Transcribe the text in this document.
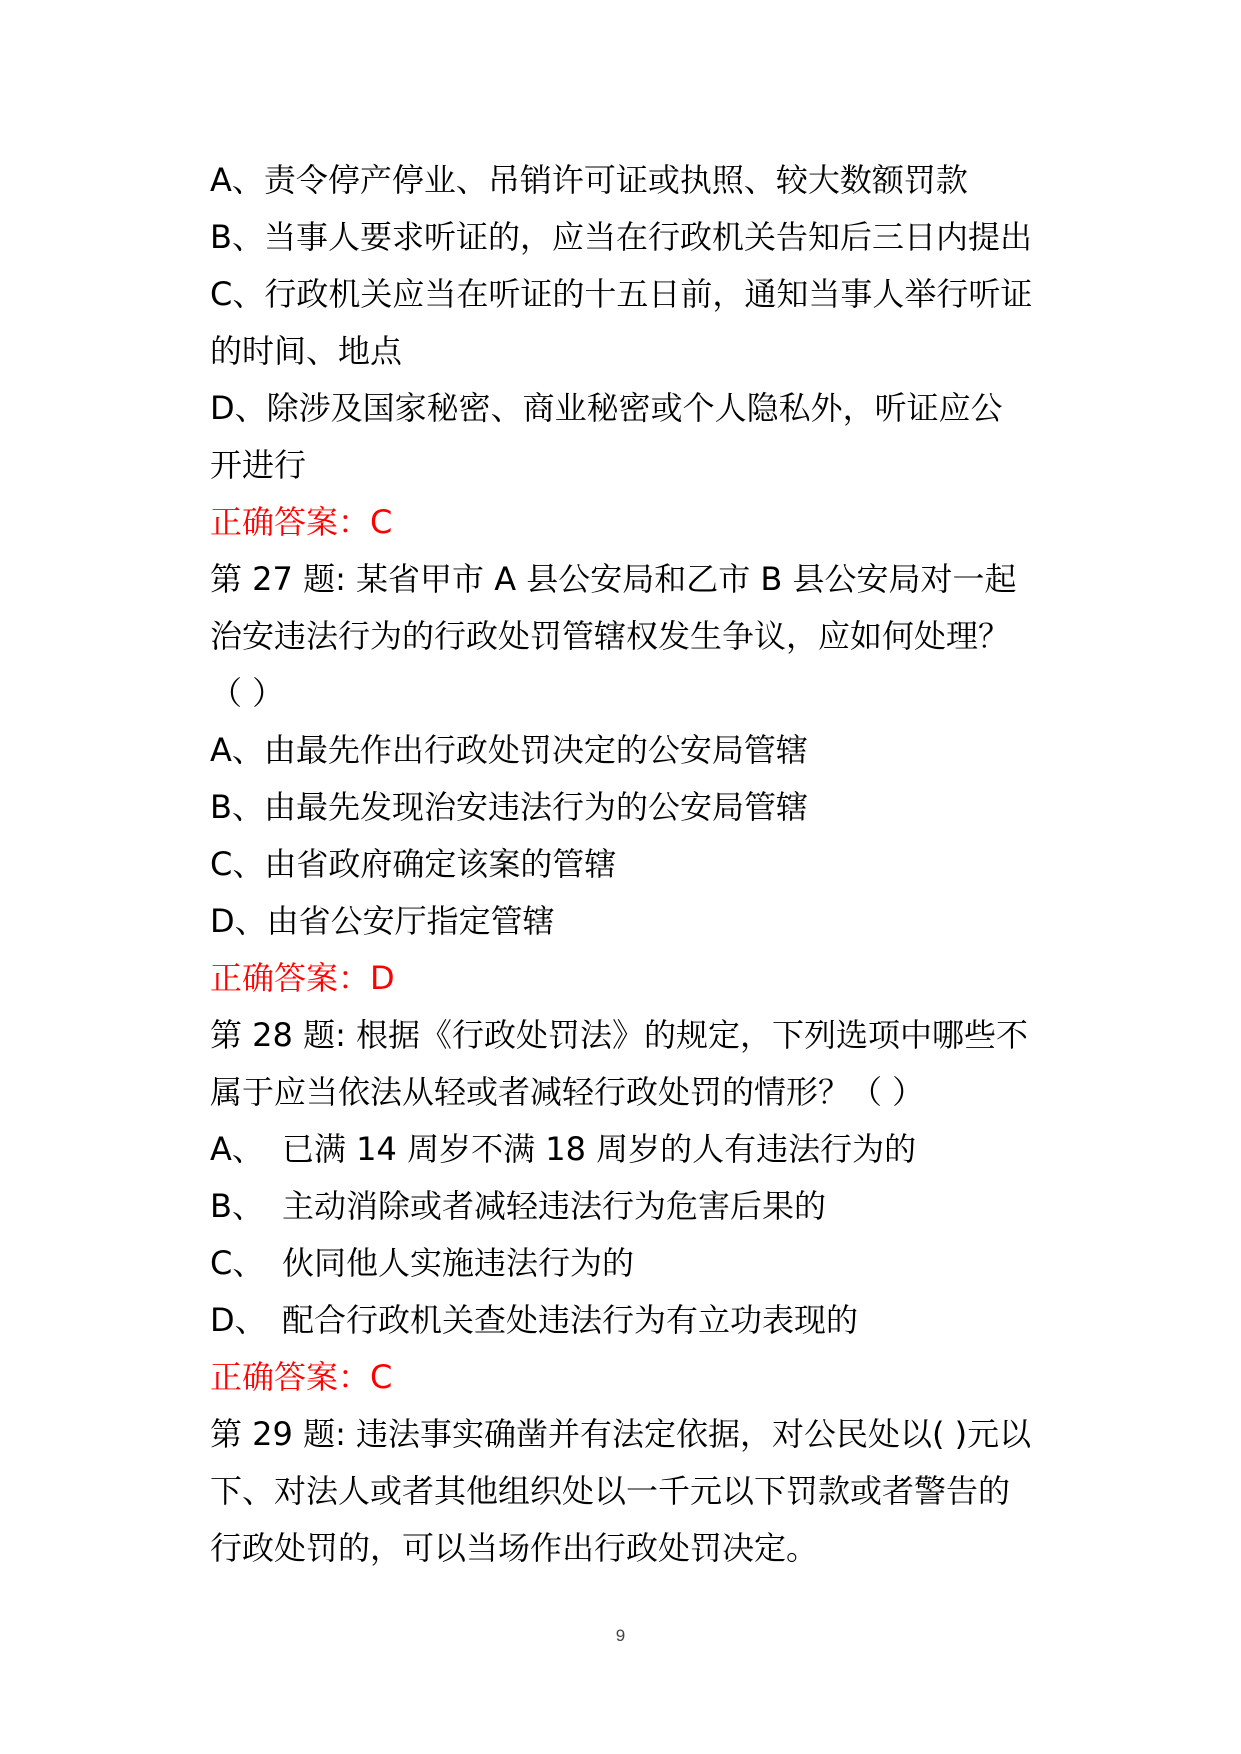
A、责令停产停业、吊销许可证或执照、较大数额罚款
B、当事人要求听证的，应当在行政机关告知后三日内提出
C、行政机关应当在听证的十五日前，通知当事人举行听证
的时间、地点
D、除涉及国家秘密、商业秘密或个人隐私外，听证应公
开进行
正确答案：C
第 27 题: 某省甲市 A 县公安局和乙市 B 县公安局对一起
治安违法行为的行政处罚管辖权发生争议，应如何处理？
（ ）
A、由最先作出行政处罚决定的公安局管辖
B、由最先发现治安违法行为的公安局管辖
C、由省政府确定该案的管辖
D、由省公安厅指定管辖
正确答案：D
第 28 题: 根据《行政处罚法》的规定，下列选项中哪些不
属于应当依法从轻或者减轻行政处罚的情形？（ ）
A、 已满 14 周岁不满 18 周岁的人有违法行为的
B、 主动消除或者减轻违法行为危害后果的
C、 伙同他人实施违法行为的
D、 配合行政机关查处违法行为有立功表现的
正确答案：C
第 29 题: 违法事实确凿并有法定依据，对公民处以( )元以
下、对法人或者其他组织处以一千元以下罚款或者警告的
行政处罚的，可以当场作出行政处罚决定。
9
